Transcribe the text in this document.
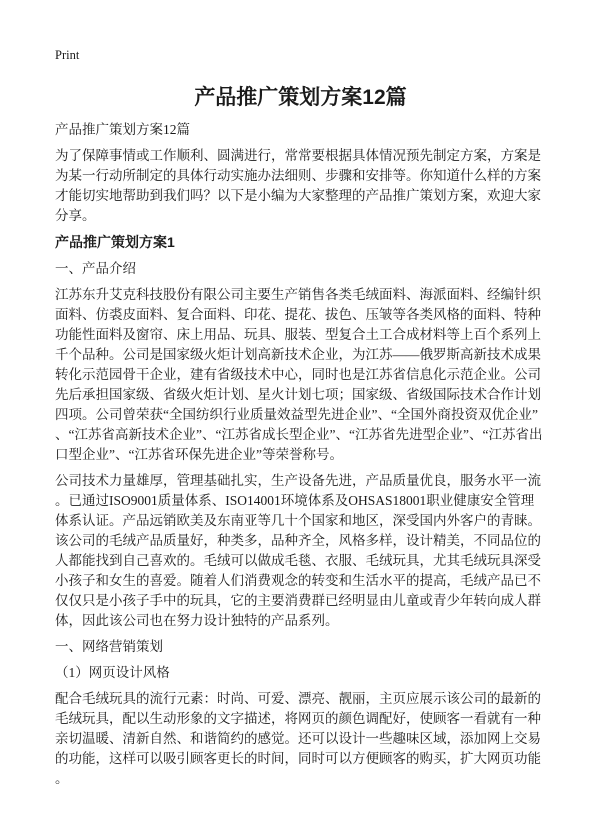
Print
产品推广策划方案12篇

产品推广策划方案12篇

为了保障事情或工作顺利、圆满进行，常常要根据具体情况预先制定方案，方案是为某一行动所制定的具体行动实施办法细则、步骤和安排等。你知道什么样的方案才能切实地帮助到我们吗？以下是小编为大家整理的产品推广策划方案，欢迎大家分享。

产品推广策划方案1

一、产品介绍

江苏东升艾克科技股份有限公司主要生产销售各类毛绒面料、海派面料、经编针织面料、仿裘皮面料、复合面料、印花、提花、拔色、压皱等各类风格的面料、特种功能性面料及窗帘、床上用品、玩具、服装、型复合土工合成材料等上百个系列上千个品种。公司是国家级火炬计划高新技术企业，为江苏——俄罗斯高新技术成果转化示范园骨干企业，建有省级技术中心，同时也是江苏省信息化示范企业。公司先后承担国家级、省级火炬计划、星火计划七项；国家级、省级国际技术合作计划四项。公司曾荣获“全国纺织行业质量效益型先进企业”、“全国外商投资双优企业”、“江苏省高新技术企业”、“江苏省成长型企业”、“江苏省先进型企业”、“江苏省出口型企业”、“江苏省环保先进企业”等荣誉称号。

公司技术力量雄厚，管理基础扎实，生产设备先进，产品质量优良，服务水平一流。已通过ISO9001质量体系、ISO14001环境体系及OHSAS18001职业健康安全管理体系认证。产品远销欧美及东南亚等几十个国家和地区，深受国内外客户的青睐。该公司的毛绒产品质量好，种类多，品种齐全，风格多样，设计精美，不同品位的人都能找到自己喜欢的。毛绒可以做成毛毯、衣服、毛绒玩具，尤其毛绒玩具深受小孩子和女生的喜爱。随着人们消费观念的转变和生活水平的提高，毛绒产品已不仅仅只是小孩子手中的玩具，它的主要消费群已经明显由儿童或青少年转向成人群体，因此该公司也在努力设计独特的产品系列。

一、网络营销策划

（1）网页设计风格

配合毛绒玩具的流行元素：时尚、可爱、漂亮、靓丽，主页应展示该公司的最新的毛绒玩具，配以生动形象的文字描述，将网页的颜色调配好，使顾客一看就有一种亲切温暖、清新自然、和谐简约的感觉。还可以设计一些趣味区域，添加网上交易的功能，这样可以吸引顾客更长的时间，同时可以方便顾客的购买，扩大网页功能。
